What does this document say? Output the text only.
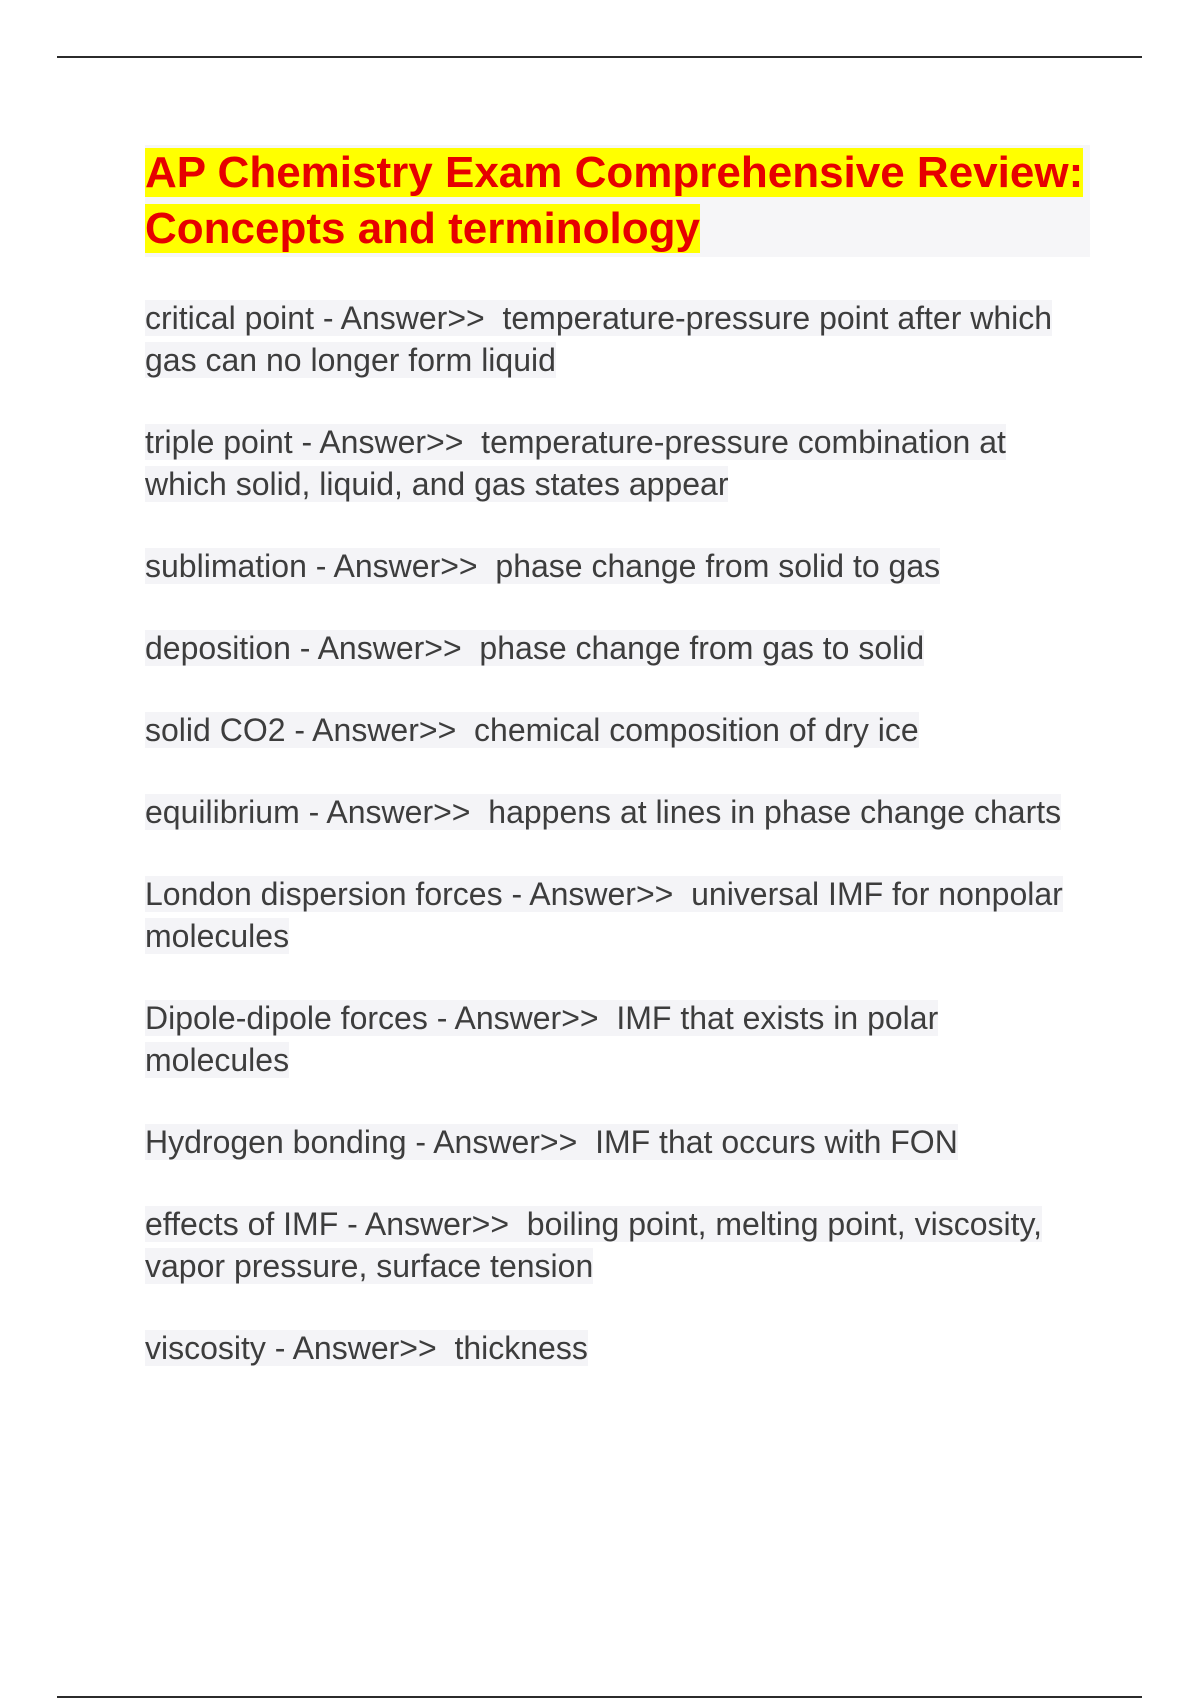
AP Chemistry Exam Comprehensive Review: Concepts and terminology
critical point - Answer>>  temperature-pressure point after which gas can no longer form liquid
triple point - Answer>>  temperature-pressure combination at which solid, liquid, and gas states appear
sublimation - Answer>>  phase change from solid to gas
deposition - Answer>>  phase change from gas to solid
solid CO2 - Answer>>  chemical composition of dry ice
equilibrium - Answer>>  happens at lines in phase change charts
London dispersion forces - Answer>>  universal IMF for nonpolar molecules
Dipole-dipole forces - Answer>>  IMF that exists in polar molecules
Hydrogen bonding - Answer>>  IMF that occurs with FON
effects of IMF - Answer>>  boiling point, melting point, viscosity, vapor pressure, surface tension
viscosity - Answer>>  thickness
